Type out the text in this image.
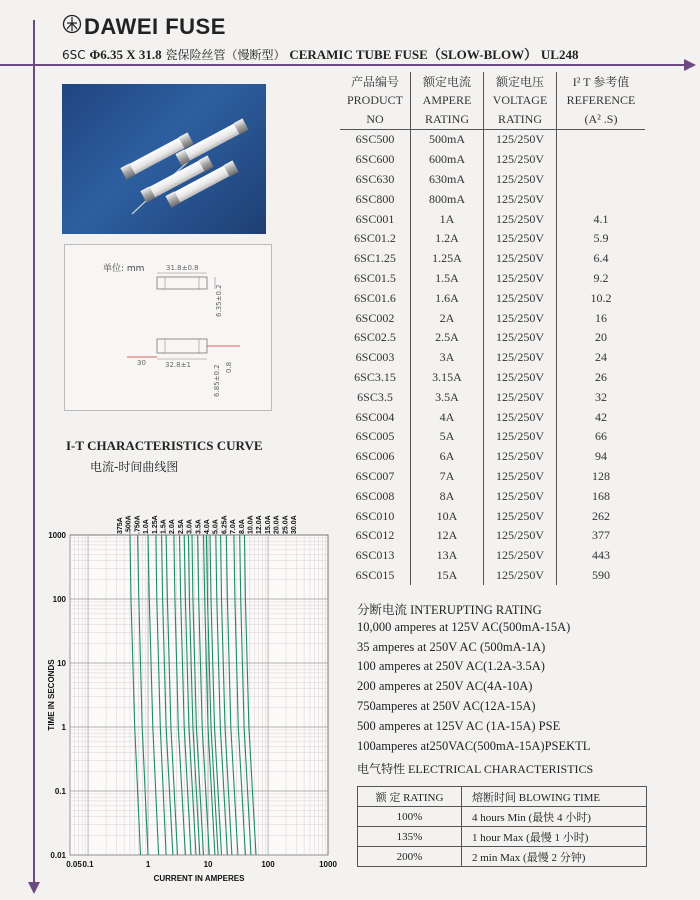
DAWEI FUSE
6SC Φ6.35 X 31.8 瓷保险丝管（慢断型） CERAMIC TUBE FUSE（SLOW-BLOW） UL248
单位: mm	31.8±0.8
6.35±0.2
30	32.8±1	6.85±0.2 0.8
I-T CHARACTERISTICS CURVE
电流-时间曲线图
375A .500A .750A 1.0A 1.25A 1.5A 2.0A 2.5A 3.0A 3.5A 4.0A 5.0A 6.25A 7.0A 8.0A 10.0A 12.0A 15.0A 20.0A 25.0A 30.0A
1000
100
10
1
0.1
0.01
0.05 0.1	1	10	100	1000
CURRENT IN AMPERES
TIME IN SECONDS
产品编号	额定电流	额定电压	I² T 参考值
PRODUCT	AMPERE	VOLTAGE	REFERENCE
NO	RATING	RATING	(A² .S)
6SC500	500mA	125/250V	
6SC600	600mA	125/250V	
6SC630	630mA	125/250V	
6SC800	800mA	125/250V	
6SC001	1A	125/250V	4.1
6SC01.2	1.2A	125/250V	5.9
6SC1.25	1.25A	125/250V	6.4
6SC01.5	1.5A	125/250V	9.2
6SC01.6	1.6A	125/250V	10.2
6SC002	2A	125/250V	16
6SC02.5	2.5A	125/250V	20
6SC003	3A	125/250V	24
6SC3.15	3.15A	125/250V	26
6SC3.5	3.5A	125/250V	32
6SC004	4A	125/250V	42
6SC005	5A	125/250V	66
6SC006	6A	125/250V	94
6SC007	7A	125/250V	128
6SC008	8A	125/250V	168
6SC010	10A	125/250V	262
6SC012	12A	125/250V	377
6SC013	13A	125/250V	443
6SC015	15A	125/250V	590
分断电流 INTERUPTING RATING
10,000 amperes at 125V AC(500mA-15A)
35 amperes at 250V AC (500mA-1A)
100 amperes at 250V AC(1.2A-3.5A)
200 amperes at 250V AC(4A-10A)
750amperes at 250V AC(12A-15A)
500 amperes at 125V AC (1A-15A) PSE
100amperes at250VAC(500mA-15A)PSEKTL
电气特性 ELECTRICAL CHARACTERISTICS
额 定 RATING	熔断时间 BLOWING TIME
100%	4 hours Min (最快 4 小时)
135%	1 hour Max (最慢 1 小时)
200%	2 min Max (最慢 2 分钟)
